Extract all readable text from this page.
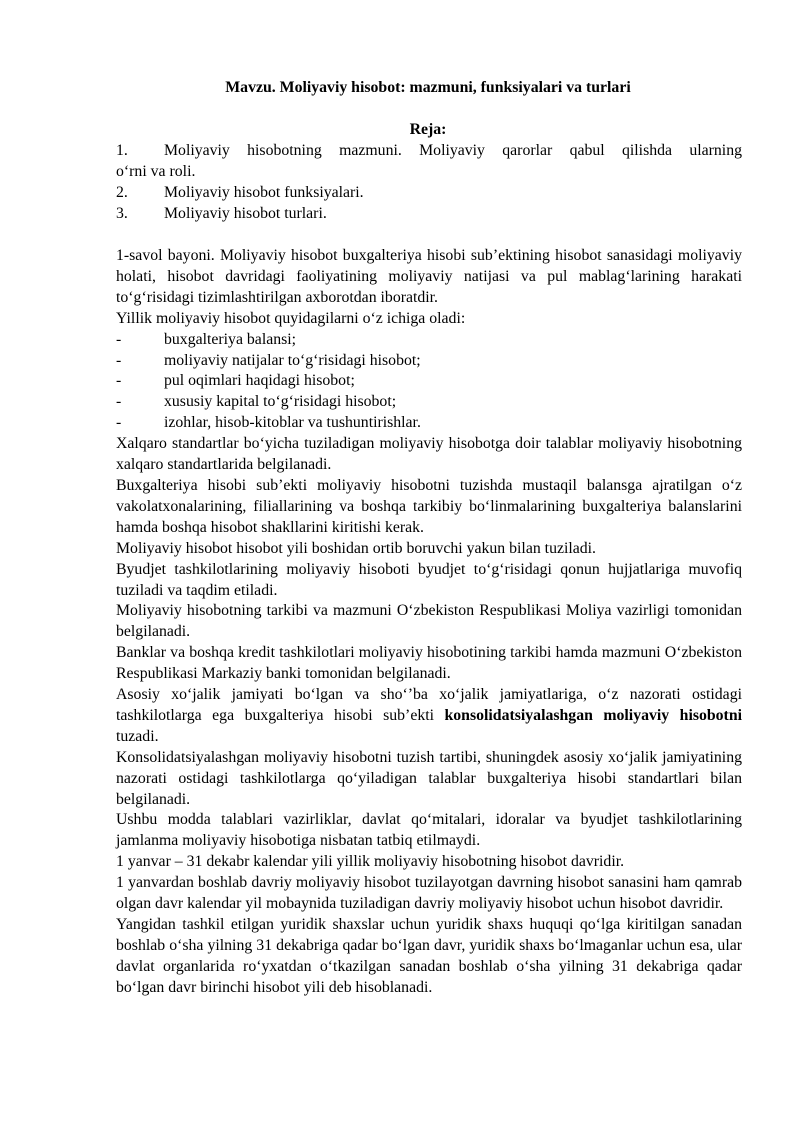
Mavzu. Moliyaviy hisobot: mazmuni, funksiyalari va turlari
Reja:
1.	Moliyaviy hisobotning mazmuni. Moliyaviy qarorlar qabul qilishda ularning
o‘rni va roli.
2.	Moliyaviy hisobot funksiyalari.
3.	Moliyaviy hisobot turlari.

1-savol bayoni. Moliyaviy hisobot buxgalteriya hisobi sub’ektining hisobot sanasidagi moliyaviy holati, hisobot davridagi faoliyatining moliyaviy natijasi va pul mablag‘larining harakati to‘g‘risidagi tizimlashtirilgan axborotdan iboratdir.

Yillik moliyaviy hisobot quyidagilarni o‘z ichiga oladi:

-	buxgalteriya balansi;
-	moliyaviy natijalar to‘g‘risidagi hisobot;
-	pul oqimlari haqidagi hisobot;
-	xususiy kapital to‘g‘risidagi hisobot;
-	izohlar, hisob-kitoblar va tushuntirishlar.

Xalqaro standartlar bo‘yicha tuziladigan moliyaviy hisobotga doir talablar moliyaviy hisobotning xalqaro standartlarida belgilanadi.

Buxgalteriya hisobi sub’ekti moliyaviy hisobotni tuzishda mustaqil balansga ajratilgan o‘z vakolatxonalarining, filiallarining va boshqa tarkibiy bo‘linmalarining buxgalteriya balanslarini hamda boshqa hisobot shakllarini kiritishi kerak.

Moliyaviy hisobot hisobot yili boshidan ortib boruvchi yakun bilan tuziladi.

Byudjet tashkilotlarining moliyaviy hisoboti byudjet to‘g‘risidagi qonun hujjatlariga muvofiq tuziladi va taqdim etiladi.

Moliyaviy hisobotning tarkibi va mazmuni O‘zbekiston Respublikasi Moliya vazirligi tomonidan belgilanadi.

Banklar va boshqa kredit tashkilotlari moliyaviy hisobotining tarkibi hamda mazmuni O‘zbekiston Respublikasi Markaziy banki tomonidan belgilanadi.

Asosiy xo‘jalik jamiyati bo‘lgan va sho‘’ba xo‘jalik jamiyatlariga, o‘z nazorati ostidagi tashkilotlarga ega buxgalteriya hisobi sub’ekti konsolidatsiyalashgan moliyaviy hisobotni tuzadi.

Konsolidatsiyalashgan moliyaviy hisobotni tuzish tartibi, shuningdek asosiy xo‘jalik jamiyatining nazorati ostidagi tashkilotlarga qo‘yiladigan talablar buxgalteriya hisobi standartlari bilan belgilanadi.

Ushbu modda talablari vazirliklar, davlat qo‘mitalari, idoralar va byudjet tashkilotlarining jamlanma moliyaviy hisobotiga nisbatan tatbiq etilmaydi.

1 yanvar – 31 dekabr kalendar yili yillik moliyaviy hisobotning hisobot davridir.

1 yanvardan boshlab davriy moliyaviy hisobot tuzilayotgan davrning hisobot sanasini ham qamrab olgan davr kalendar yil mobaynida tuziladigan davriy moliyaviy hisobot uchun hisobot davridir.

Yangidan tashkil etilgan yuridik shaxslar uchun yuridik shaxs huquqi qo‘lga kiritilgan sanadan boshlab o‘sha yilning 31 dekabriga qadar bo‘lgan davr, yuridik shaxs bo‘lmaganlar uchun esa, ular davlat organlarida ro‘yxatdan o‘tkazilgan sanadan boshlab o‘sha yilning 31 dekabriga qadar bo‘lgan davr birinchi hisobot yili deb hisoblanadi.
